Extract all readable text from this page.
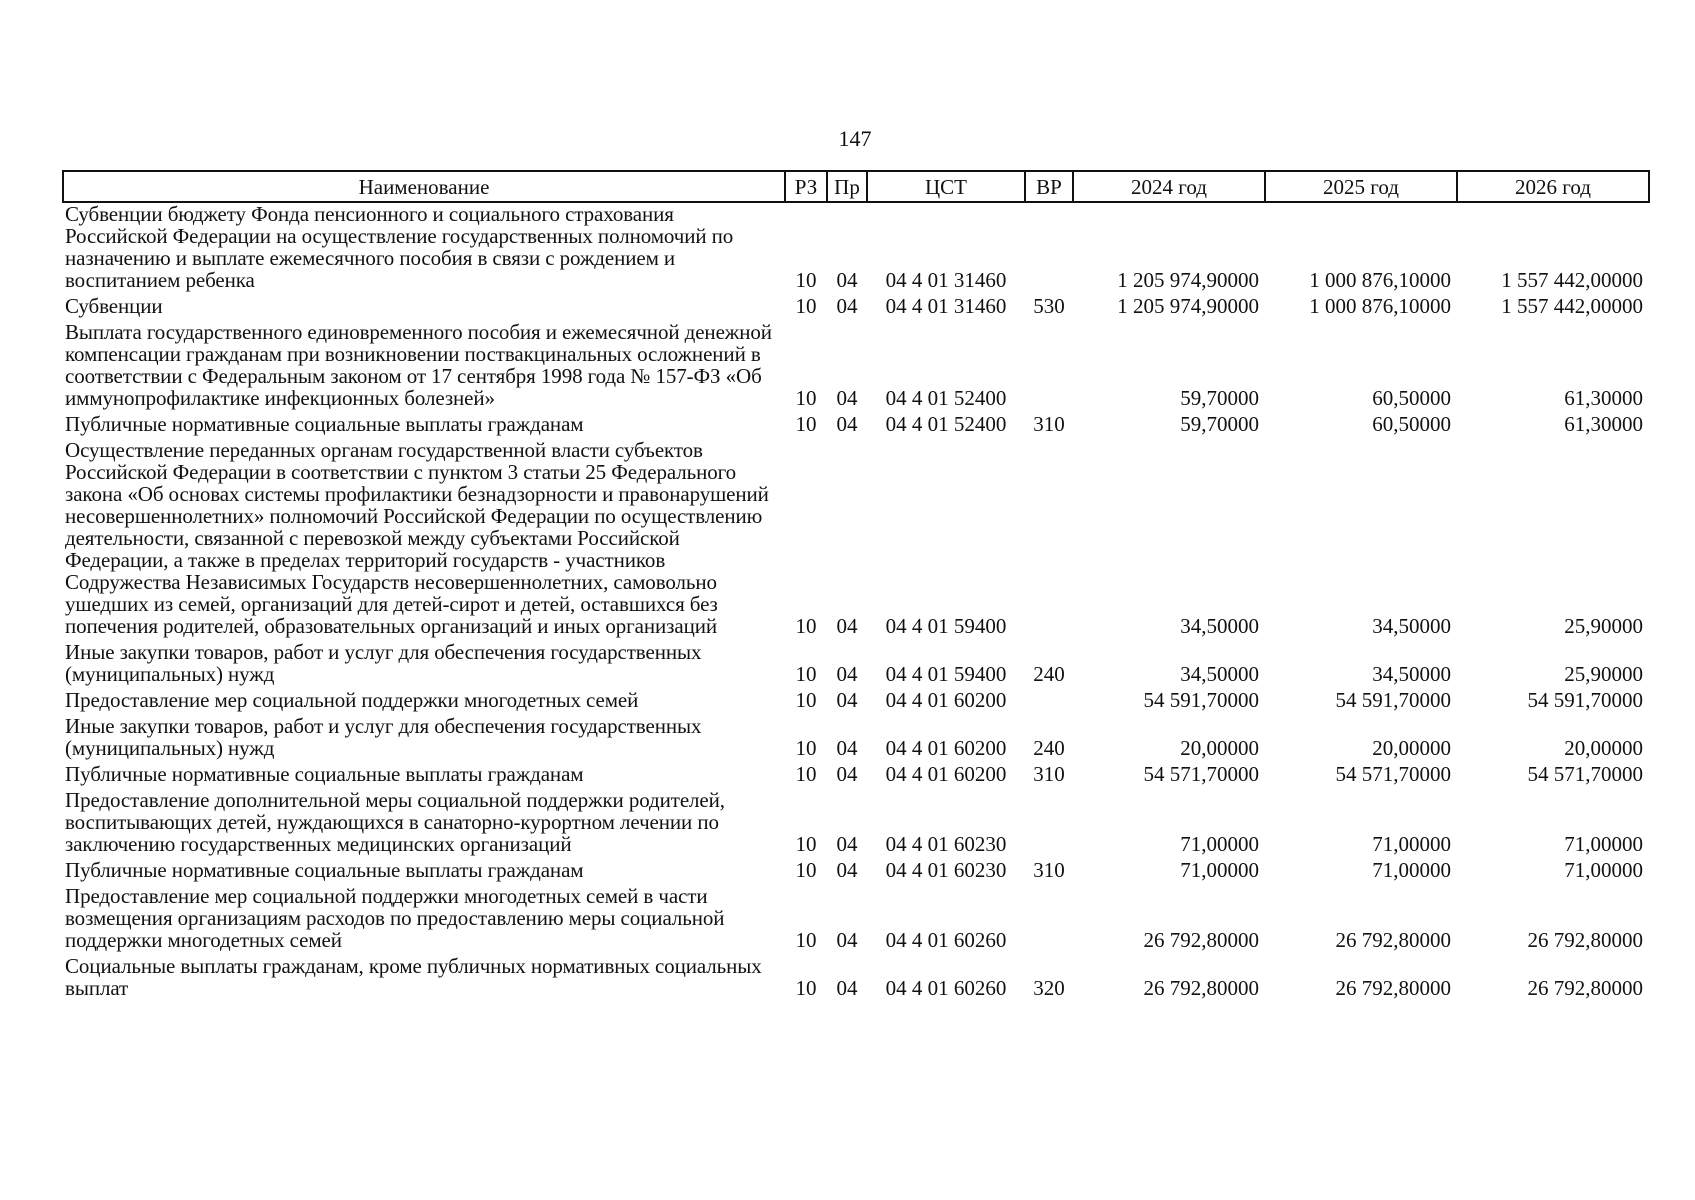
147
Наименование	РЗ	Пр	ЦСТ	ВР	2024 год	2025 год	2026 год
Субвенции бюджету Фонда пенсионного и социального страхования Российской Федерации на осуществление государственных полномочий по назначению и выплате ежемесячного пособия в связи с рождением и воспитанием ребенка	10	04	04 4 01 31460		1 205 974,90000	1 000 876,10000	1 557 442,00000
Субвенции	10	04	04 4 01 31460	530	1 205 974,90000	1 000 876,10000	1 557 442,00000
Выплата государственного единовременного пособия и ежемесячной денежной компенсации гражданам при возникновении поствакцинальных осложнений в соответствии с Федеральным законом от 17 сентября 1998 года № 157-ФЗ «Об иммунопрофилактике инфекционных болезней»	10	04	04 4 01 52400		59,70000	60,50000	61,30000
Публичные нормативные социальные выплаты гражданам	10	04	04 4 01 52400	310	59,70000	60,50000	61,30000
Осуществление переданных органам государственной власти субъектов Российской Федерации в соответствии с пунктом 3 статьи 25 Федерального закона «Об основах системы профилактики безнадзорности и правонарушений несовершеннолетних» полномочий Российской Федерации по осуществлению деятельности, связанной с перевозкой между субъектами Российской Федерации, а также в пределах территорий государств - участников Содружества Независимых Государств несовершеннолетних, самовольно ушедших из семей, организаций для детей-сирот и детей, оставшихся без попечения родителей, образовательных организаций и иных организаций	10	04	04 4 01 59400		34,50000	34,50000	25,90000
Иные закупки товаров, работ и услуг для обеспечения государственных (муниципальных) нужд	10	04	04 4 01 59400	240	34,50000	34,50000	25,90000
Предоставление мер социальной поддержки многодетных семей	10	04	04 4 01 60200		54 591,70000	54 591,70000	54 591,70000
Иные закупки товаров, работ и услуг для обеспечения государственных (муниципальных) нужд	10	04	04 4 01 60200	240	20,00000	20,00000	20,00000
Публичные нормативные социальные выплаты гражданам	10	04	04 4 01 60200	310	54 571,70000	54 571,70000	54 571,70000
Предоставление дополнительной меры социальной поддержки родителей, воспитывающих детей, нуждающихся в санаторно-курортном лечении по заключению государственных медицинских организаций	10	04	04 4 01 60230		71,00000	71,00000	71,00000
Публичные нормативные социальные выплаты гражданам	10	04	04 4 01 60230	310	71,00000	71,00000	71,00000
Предоставление мер социальной поддержки многодетных семей в части возмещения организациям расходов по предоставлению меры социальной поддержки многодетных семей	10	04	04 4 01 60260		26 792,80000	26 792,80000	26 792,80000
Социальные выплаты гражданам, кроме публичных нормативных социальных выплат	10	04	04 4 01 60260	320	26 792,80000	26 792,80000	26 792,80000
